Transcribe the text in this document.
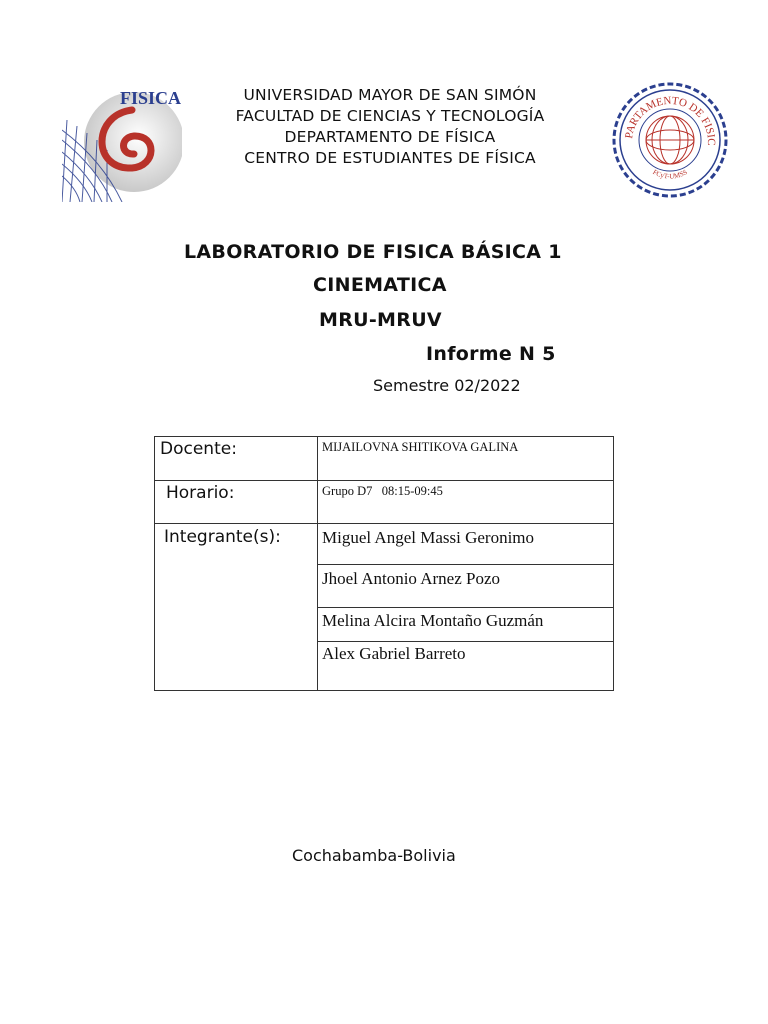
FISICA	UNIVERSIDAD MAYOR DE SAN SIMÓN
FACULTAD DE CIENCIAS Y TECNOLOGÍA
DEPARTAMENTO DE FÍSICA
CENTRO DE ESTUDIANTES DE FÍSICA
PARTAMENTO DE FISIC
FCyT-UMSS
LABORATORIO DE FISICA BÁSICA 1
CINEMATICA
MRU-MRUV
Informe N 5
Semestre 02/2022
Docente:	MIJAILOVNA SHITIKOVA GALINA

Horario:	Grupo D7   08:15-09:45

Integrante(s):	Miguel Angel Massi Geronimo

	Jhoel Antonio Arnez Pozo

	Melina Alcira Montaño Guzmán

	Alex Gabriel Barreto
Cochabamba-Bolivia
